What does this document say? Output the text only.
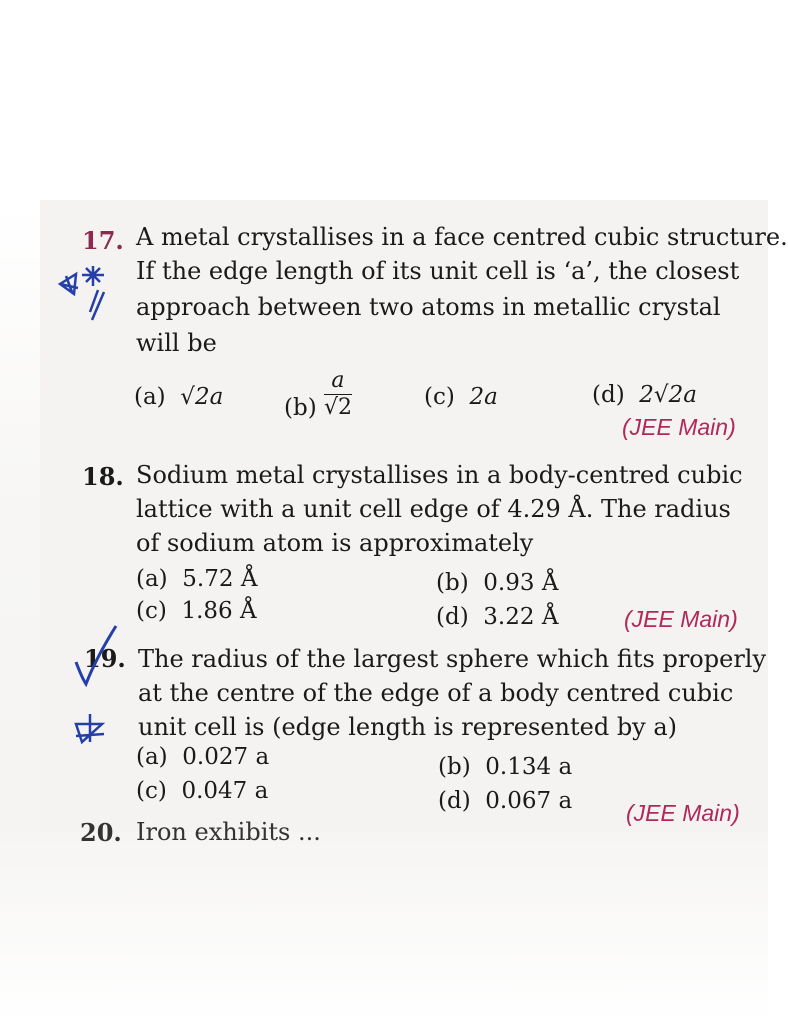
17. A metal crystallises in a face centred cubic structure.
If the edge length of its unit cell is ‘a’, the closest
approach between two atoms in metallic crystal
will be
(a) √2a	$(b) \frac{a}{√2}$	(c) 2a	(d) 2√2a
(JEE Main)
18. Sodium metal crystallises in a body-centred cubic
lattice with a unit cell edge of 4.29 Å. The radius
of sodium atom is approximately
(a) 5.72 Å	(b) 0.93 Å
(c) 1.86 Å	(d) 3.22 Å	(JEE Main)
19. The radius of the largest sphere which fits properly
at the centre of the edge of a body centred cubic
unit cell is (edge length is represented by a)
(a) 0.027 a	(b) 0.134 a
(c) 0.047 a	(d) 0.067 a (JEE Main)
20. Iron exhibits ...
